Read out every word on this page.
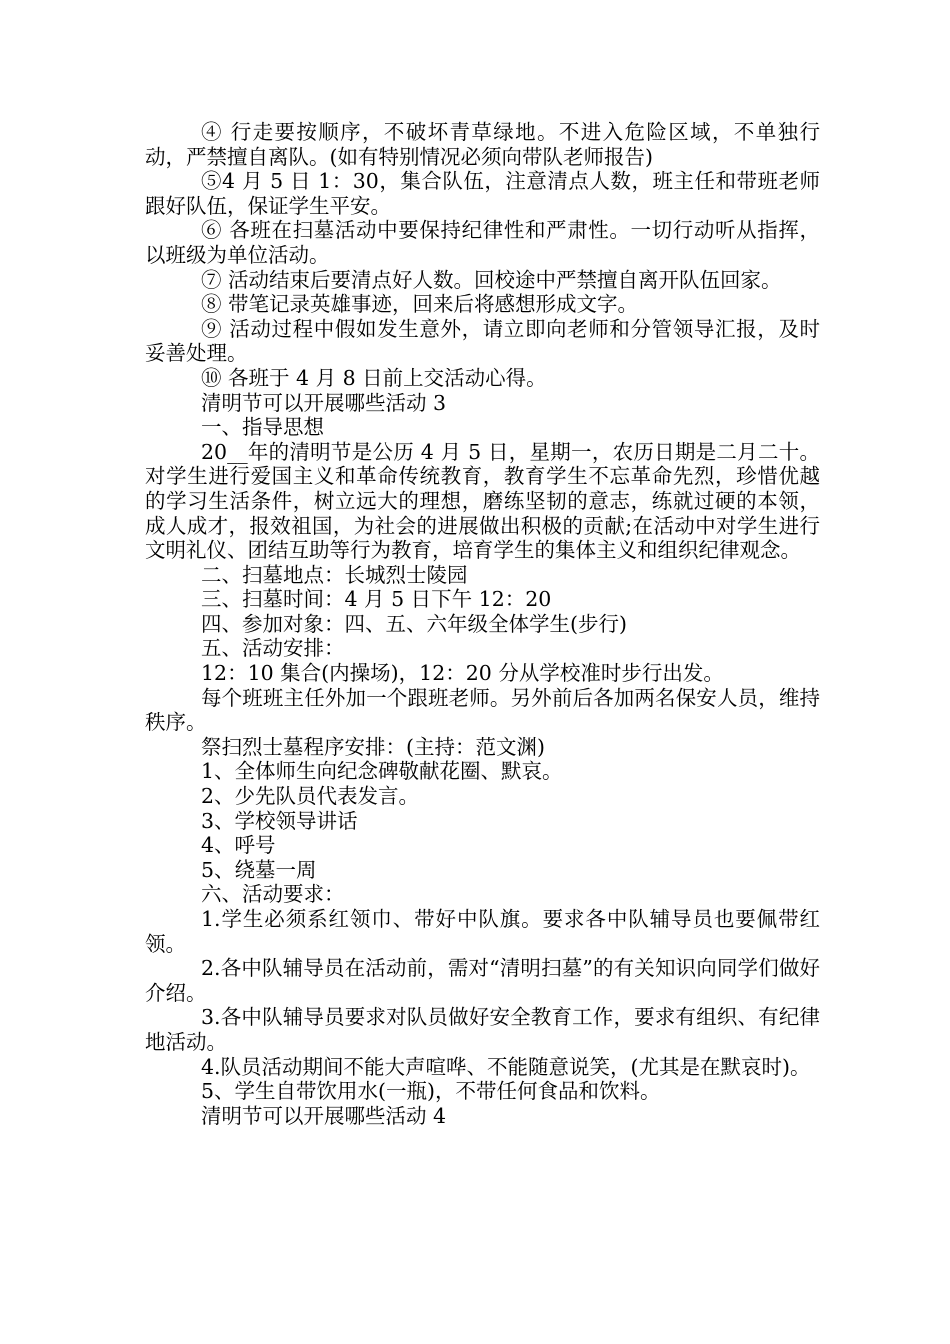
④ 行走要按顺序，不破坏青草绿地。不进入危险区域，不单独行动，严禁擅自离队。(如有特别情况必须向带队老师报告)

⑤4 月 5 日 1：30，集合队伍，注意清点人数，班主任和带班老师跟好队伍，保证学生平安。

⑥ 各班在扫墓活动中要保持纪律性和严肃性。一切行动听从指挥，以班级为单位活动。

⑦ 活动结束后要清点好人数。回校途中严禁擅自离开队伍回家。

⑧ 带笔记录英雄事迹，回来后将感想形成文字。

⑨ 活动过程中假如发生意外，请立即向老师和分管领导汇报，及时妥善处理。

⑩ 各班于 4 月 8 日前上交活动心得。

清明节可以开展哪些活动 3

一、指导思想

20__年的清明节是公历 4 月 5 日，星期一，农历日期是二月二十。对学生进行爱国主义和革命传统教育，教育学生不忘革命先烈，珍惜优越的学习生活条件，树立远大的理想，磨练坚韧的意志，练就过硬的本领，成人成才，报效祖国，为社会的进展做出积极的贡献;在活动中对学生进行文明礼仪、团结互助等行为教育，培育学生的集体主义和组织纪律观念。

二、扫墓地点：长城烈士陵园

三、扫墓时间：4 月 5 日下午 12：20

四、参加对象：四、五、六年级全体学生(步行)

五、活动安排：

12：10 集合(内操场)，12：20 分从学校准时步行出发。

每个班班主任外加一个跟班老师。另外前后各加两名保安人员，维持秩序。

祭扫烈士墓程序安排：(主持：范文渊)

1、全体师生向纪念碑敬献花圈、默哀。

2、少先队员代表发言。

3、学校领导讲话

4、呼号

5、绕墓一周

六、活动要求：

1.学生必须系红领巾、带好中队旗。要求各中队辅导员也要佩带红领。

2.各中队辅导员在活动前，需对“清明扫墓”的有关知识向同学们做好介绍。

3.各中队辅导员要求对队员做好安全教育工作，要求有组织、有纪律地活动。

4.队员活动期间不能大声喧哗、不能随意说笑，(尤其是在默哀时)。

5、学生自带饮用水(一瓶)，不带任何食品和饮料。

清明节可以开展哪些活动 4
